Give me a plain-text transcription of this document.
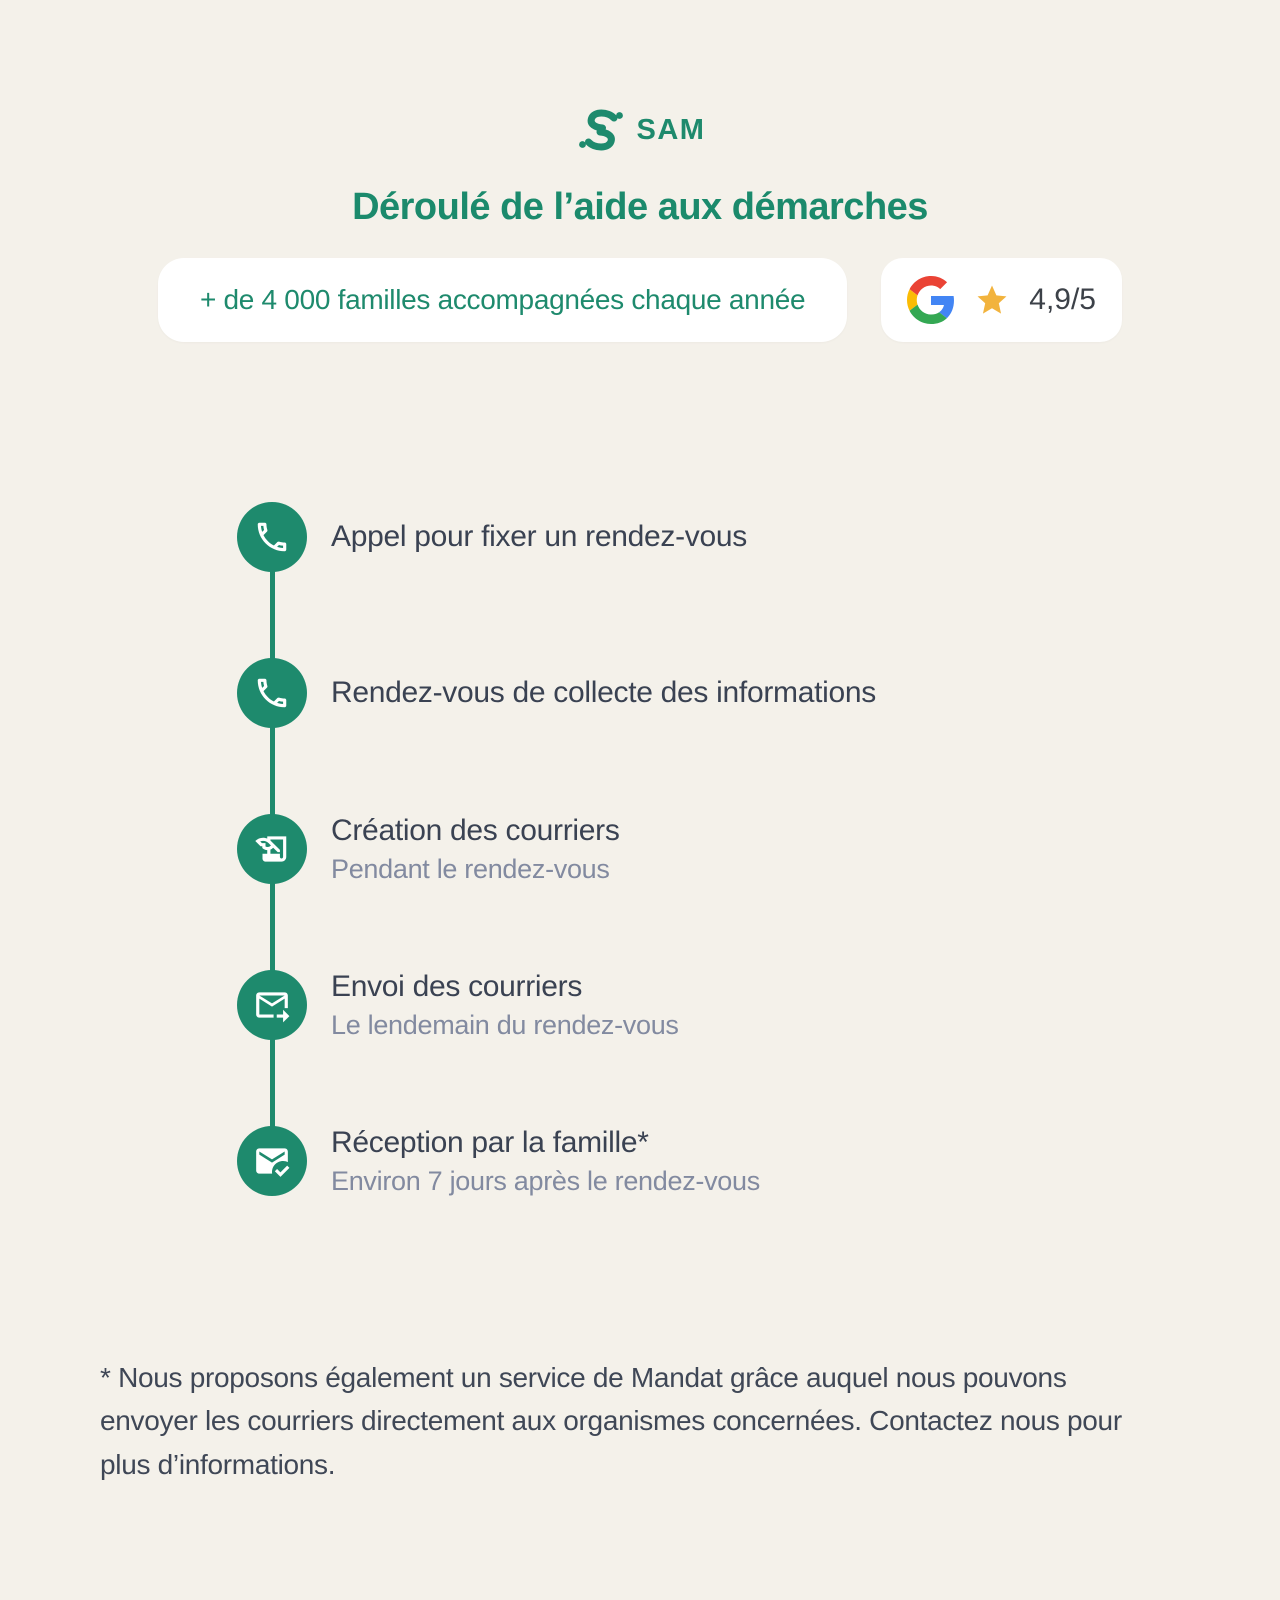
SAM
Déroulé de l’aide aux démarches
+ de 4 000 familles accompagnées chaque année	4,9/5
Appel pour fixer un rendez-vous
Rendez-vous de collecte des informations
Création des courriers
Pendant le rendez-vous
Envoi des courriers
Le lendemain du rendez-vous
Réception par la famille*
Environ 7 jours après le rendez-vous

* Nous proposons également un service de Mandat grâce auquel nous pouvons envoyer les courriers directement aux organismes concernées. Contactez nous pour plus d’informations.
